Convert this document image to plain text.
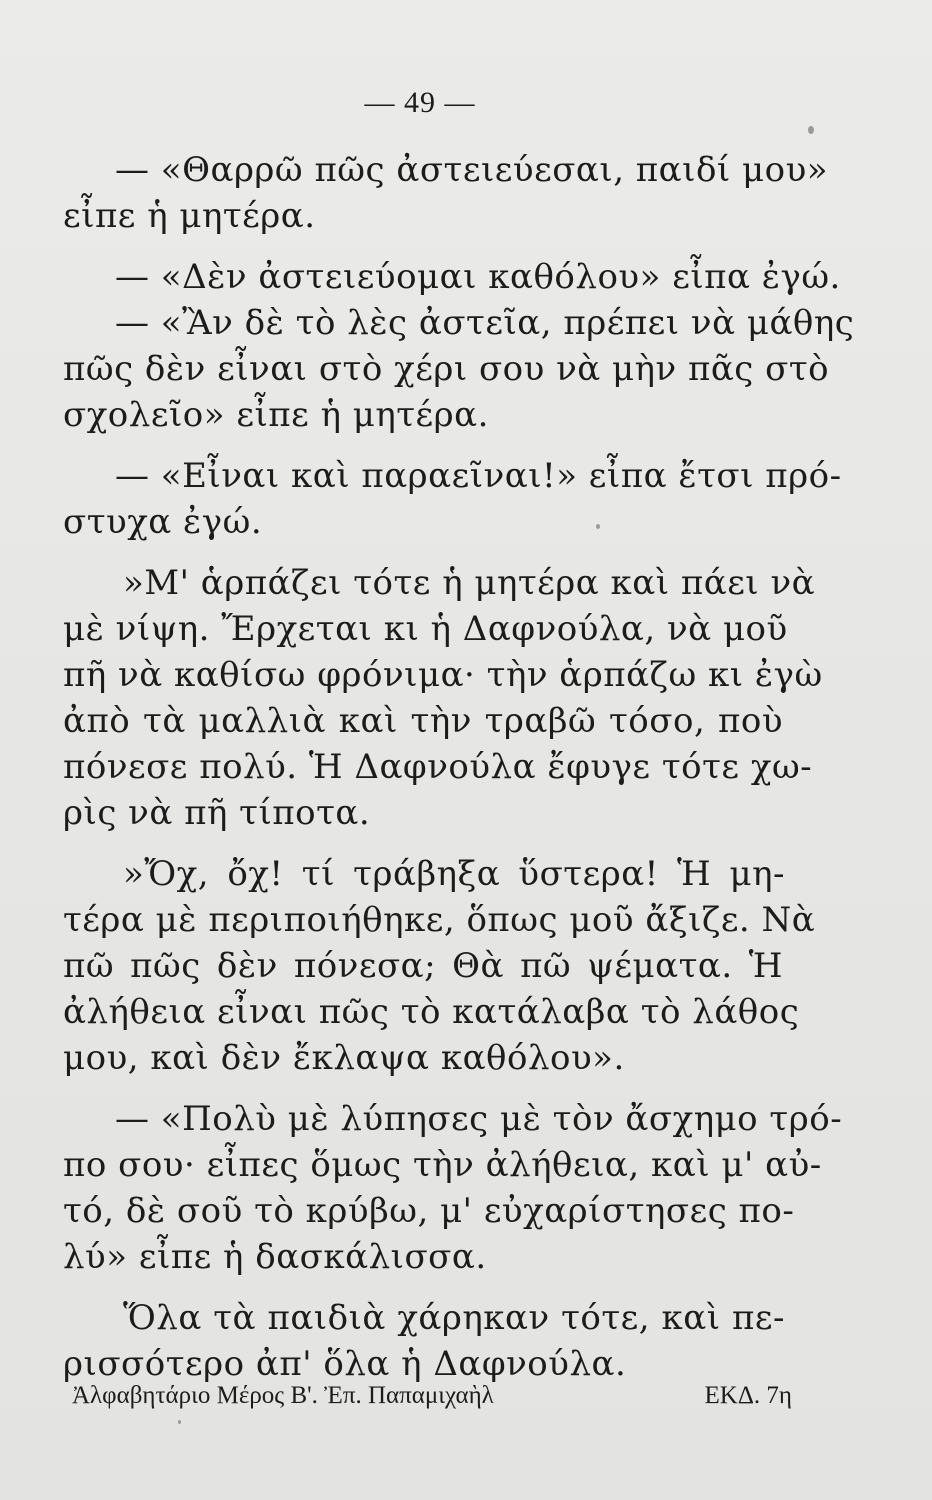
— 49 —
— «Θαρρῶ πῶς ἀστειεύεσαι, παιδί μου»
εἶπε ἡ μητέρα.
— «Δὲν ἀστειεύομαι καθόλου» εἶπα ἐγώ.
— «Ἂν δὲ τὸ λὲς ἀστεῖα, πρέπει νὰ μάθης
πῶς δὲν εἶναι στὸ χέρι σου νὰ μὴν πᾶς στὸ
σχολεῖο» εἶπε ἡ μητέρα.
— «Εἶναι καὶ παραεῖναι!» εἶπα ἔτσι πρό-
στυχα ἐγώ.
»Μ' ἁρπάζει τότε ἡ μητέρα καὶ πάει νὰ
μὲ νίψη. Ἔρχεται κι ἡ Δαφνούλα, νὰ μοῦ
πῆ νὰ καθίσω φρόνιμα· τὴν ἁρπάζω κι ἐγὼ
ἀπὸ τὰ μαλλιὰ καὶ τὴν τραβῶ τόσο, ποὺ
πόνεσε πολύ. Ἡ Δαφνούλα ἔφυγε τότε χω-
ρὶς νὰ πῆ τίποτα.
»Ὄχ, ὄχ! τί τράβηξα ὕστερα! Ἡ μη-
τέρα μὲ περιποιήθηκε, ὅπως μοῦ ἄξιζε. Νὰ
πῶ πῶς δὲν πόνεσα; Θὰ πῶ ψέματα. Ἡ
ἀλήθεια εἶναι πῶς τὸ κατάλαβα τὸ λάθος
μου, καὶ δὲν ἔκλαψα καθόλου».
— «Πολὺ μὲ λύπησες μὲ τὸν ἄσχημο τρό-
πο σου· εἶπες ὅμως τὴν ἀλήθεια, καὶ μ' αὐ-
τό, δὲ σοῦ τὸ κρύβω, μ' εὐχαρίστησες πο-
λύ» εἶπε ἡ δασκάλισσα.
Ὅλα τὰ παιδιὰ χάρηκαν τότε, καὶ πε-
ρισσότερο ἀπ' ὅλα ἡ Δαφνούλα.
Ἀλφαβητάριο Μέρος Β'. Ἐπ. Παπαμιχαὴλ	ΕΚΔ. 7η
